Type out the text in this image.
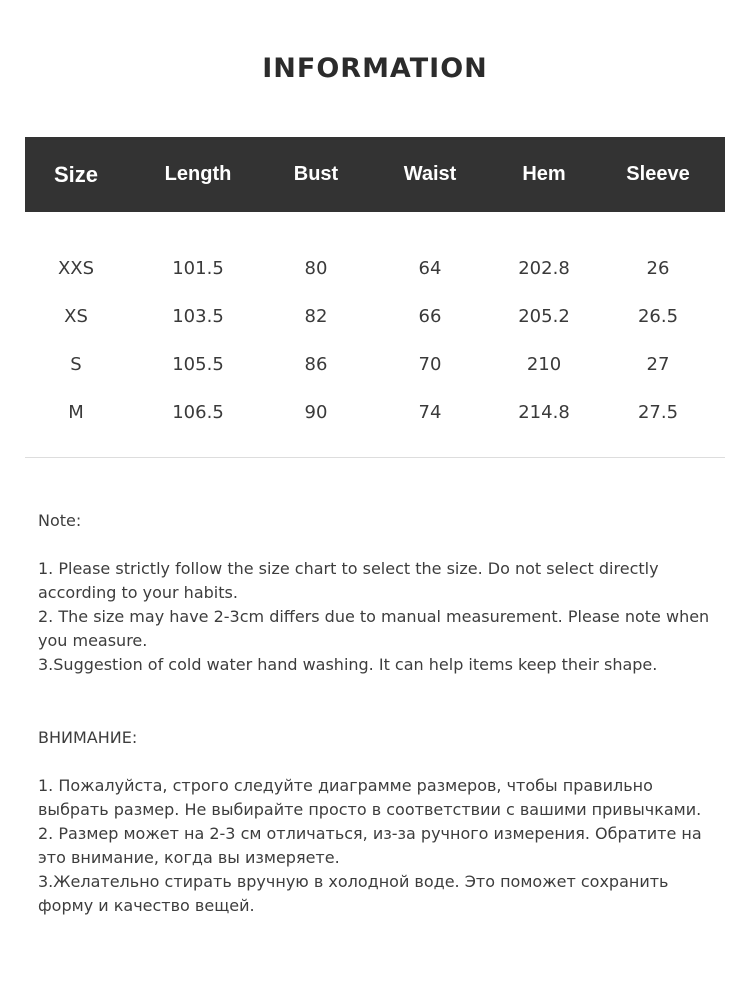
INFORMATION
Size	Length	Bust	Waist	Hem	Sleeve
XXS	101.5	80	64	202.8	26
XS	103.5	82	66	205.2	26.5
S	105.5	86	70	210	27
M	106.5	90	74	214.8	27.5

Note:

1. Please strictly follow the size chart to select the size. Do not select directly according to your habits.

2. The size may have 2-3cm differs due to manual measurement. Please note when you measure.

3.Suggestion of cold water hand washing. It can help items keep their shape.

ВНИМАНИЕ:

1. Пожалуйста, строго следуйте диаграмме размеров, чтобы правильно выбрать размер. Не выбирайте просто в соответствии с вашими привычками.

2. Размер может на 2-3 см отличаться, из-за ручного измерения. Обратите на это внимание, когда вы измеряете.

3.Желательно стирать вручную в холодной воде. Это поможет сохранить форму и качество вещей.
